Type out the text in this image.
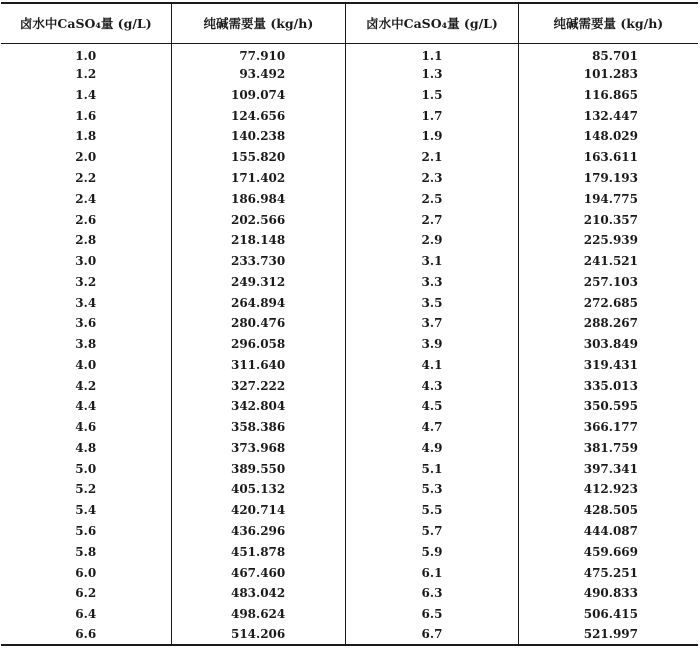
卤水中CaSO₄量 (g/L)	纯碱需要量 (kg/h)	卤水中CaSO₄量 (g/L)	纯碱需要量 (kg/h)
1.0	77.910	1.1	85.701
1.2	93.492	1.3	101.283
1.4	109.074	1.5	116.865
1.6	124.656	1.7	132.447
1.8	140.238	1.9	148.029
2.0	155.820	2.1	163.611
2.2	171.402	2.3	179.193
2.4	186.984	2.5	194.775
2.6	202.566	2.7	210.357
2.8	218.148	2.9	225.939
3.0	233.730	3.1	241.521
3.2	249.312	3.3	257.103
3.4	264.894	3.5	272.685
3.6	280.476	3.7	288.267
3.8	296.058	3.9	303.849
4.0	311.640	4.1	319.431
4.2	327.222	4.3	335.013
4.4	342.804	4.5	350.595
4.6	358.386	4.7	366.177
4.8	373.968	4.9	381.759
5.0	389.550	5.1	397.341
5.2	405.132	5.3	412.923
5.4	420.714	5.5	428.505
5.6	436.296	5.7	444.087
5.8	451.878	5.9	459.669
6.0	467.460	6.1	475.251
6.2	483.042	6.3	490.833
6.4	498.624	6.5	506.415
6.6	514.206	6.7	521.997
